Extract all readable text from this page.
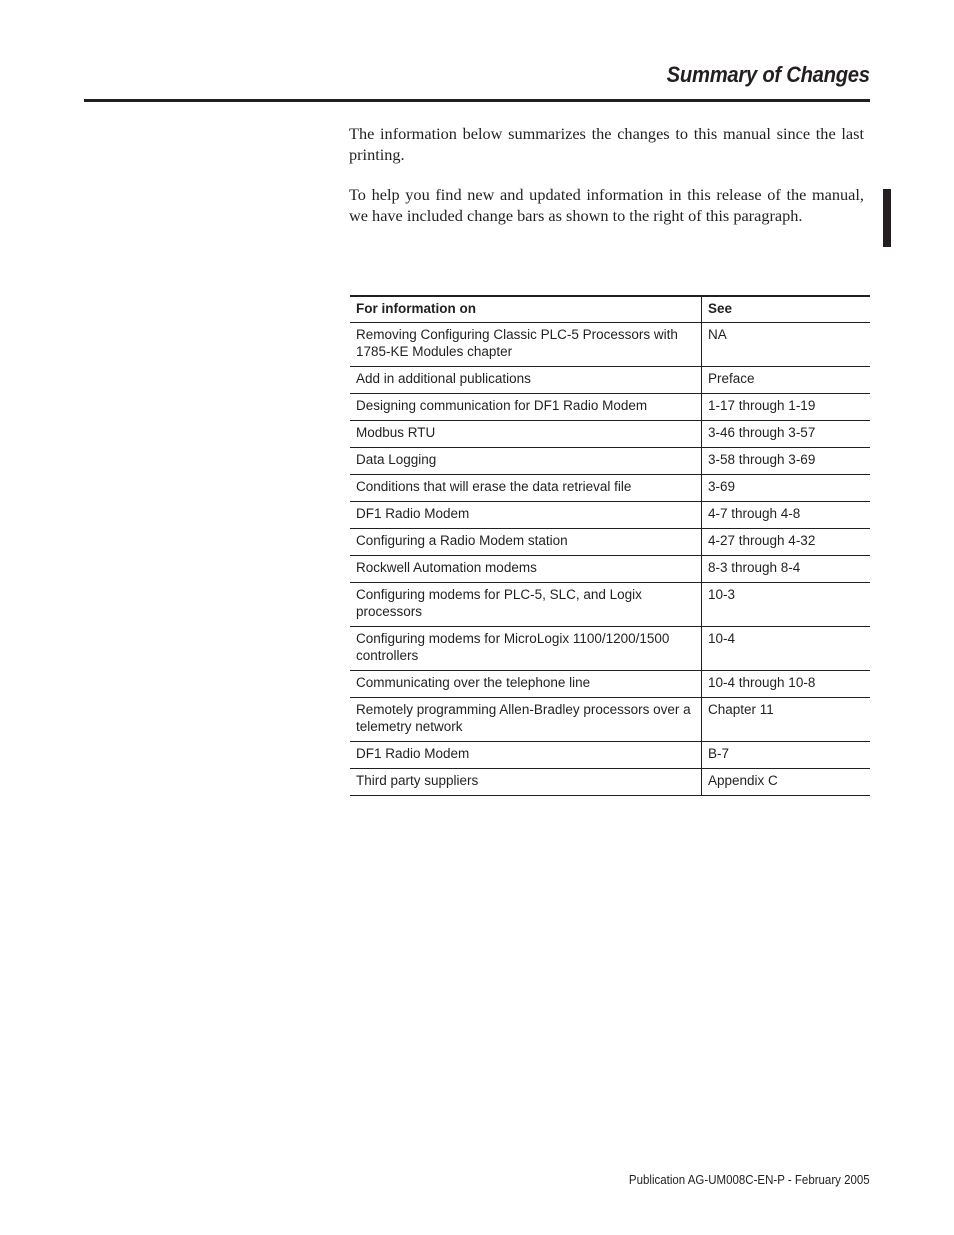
Summary of Changes

The information below summarizes the changes to this manual since the last printing.

To help you find new and updated information in this release of the manual, we have included change bars as shown to the right of this paragraph.

For information on	See
Removing Configuring Classic PLC-5 Processors with 1785-KE Modules chapter	NA
Add in additional publications	Preface
Designing communication for DF1 Radio Modem	1-17 through 1-19
Modbus RTU	3-46 through 3-57
Data Logging	3-58 through 3-69
Conditions that will erase the data retrieval file	3-69
DF1 Radio Modem	4-7 through 4-8
Configuring a Radio Modem station	4-27 through 4-32
Rockwell Automation modems	8-3 through 8-4
Configuring modems for PLC-5, SLC, and Logix processors	10-3
Configuring modems for MicroLogix 1100/1200/1500 controllers	10-4
Communicating over the telephone line	10-4 through 10-8
Remotely programming Allen-Bradley processors over a telemetry network	Chapter 11
DF1 Radio Modem	B-7
Third party suppliers	Appendix C

Publication AG-UM008C-EN-P - February 2005
